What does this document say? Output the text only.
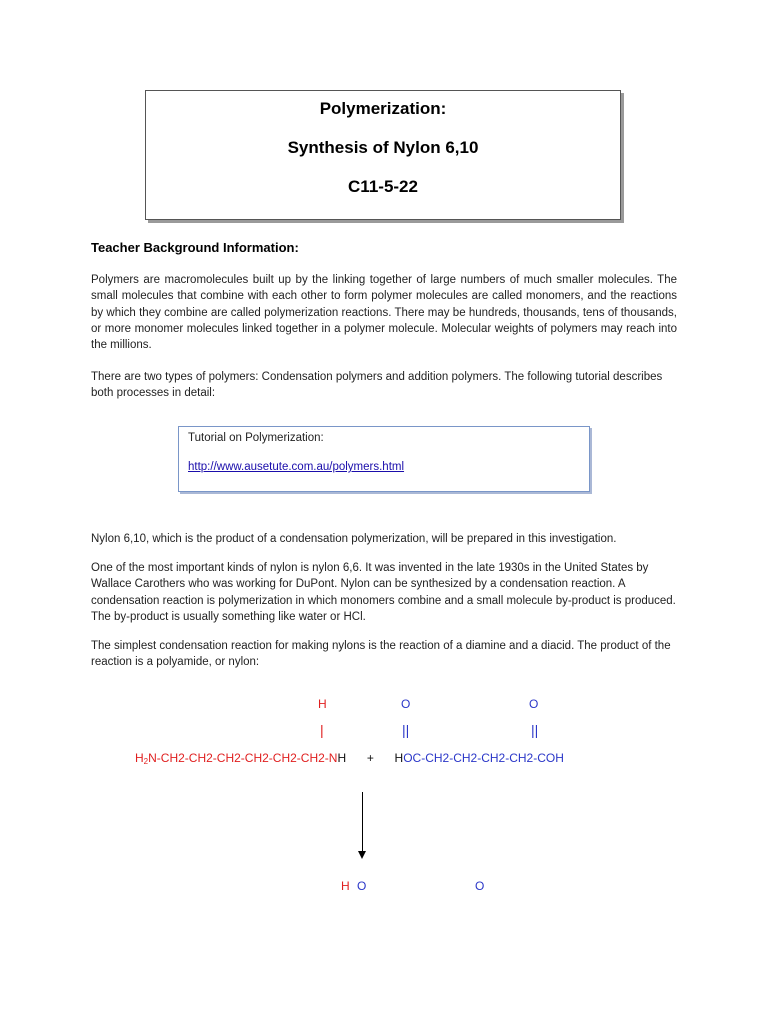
Polymerization:
Synthesis of Nylon 6,10
C11-5-22
Teacher Background Information:

Polymers are macromolecules built up by the linking together of large numbers of much smaller molecules. The small molecules that combine with each other to form polymer molecules are called monomers, and the reactions by which they combine are called polymerization reactions. There may be hundreds, thousands, tens of thousands, or more monomer molecules linked together in a polymer molecule. Molecular weights of polymers may reach into the millions.

There are two types of polymers: Condensation polymers and addition polymers. The following tutorial describes both processes in detail:

Tutorial on Polymerization:
http://www.ausetute.com.au/polymers.html

Nylon 6,10, which is the product of a condensation polymerization, will be prepared in this investigation.

One of the most important kinds of nylon is nylon 6,6. It was invented in the late 1930s in the United States by Wallace Carothers who was working for DuPont. Nylon can be synthesized by a condensation reaction. A condensation reaction is polymerization in which monomers combine and a small molecule by-product is produced. The by-product is usually something like water or HCl.

The simplest condensation reaction for making nylons is the reaction of a diamine and a diacid. The product of the reaction is a polyamide, or nylon:

H	O	O
|	||	||
$H_2N-CH2-CH2-CH2-CH2-CH2-CH2-NH + HOC-CH2-CH2-CH2-CH2-COH$
H O	O
